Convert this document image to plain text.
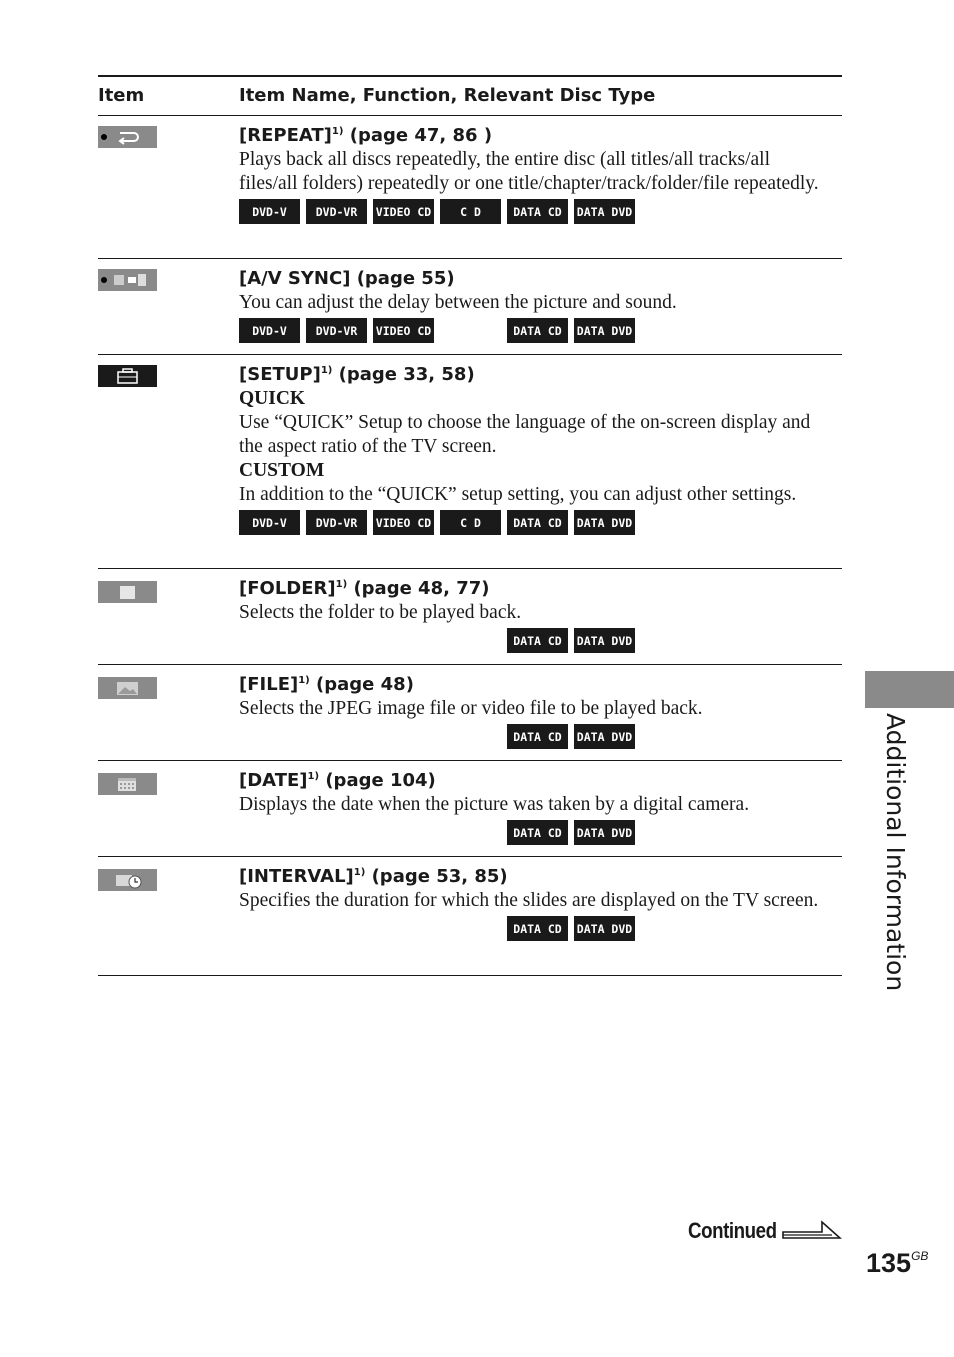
Additional Information
Item	Item Name, Function, Relevant Disc Type

[REPEAT]$^{1)}$ (page 47, 86 )

Plays back all discs repeatedly, the entire disc (all titles/all tracks/all files/all folders) repeatedly or one title/chapter/track/folder/file repeatedly.

DVD-V	DVD-VR	VIDEO CD	C D	DATA CD	DATA DVD

[A/V SYNC] (page 55)

You can adjust the delay between the picture and sound.

DVD-V	DVD-VR	VIDEO CD	DATA CD	DATA DVD

[SETUP]$^{1)}$ (page 33, 58)

QUICK

Use “QUICK” Setup to choose the language of the on-screen display and the aspect ratio of the TV screen.

CUSTOM

In addition to the “QUICK” setup setting, you can adjust other settings.

DVD-V	DVD-VR	VIDEO CD	C D	DATA CD	DATA DVD

[FOLDER]$^{1)}$ (page 48, 77)

Selects the folder to be played back.

DATA CD	DATA DVD

[FILE]$^{1)}$ (page 48)

Selects the JPEG image file or video file to be played back.

DATA CD	DATA DVD

[DATE]$^{1)}$ (page 104)

Displays the date when the picture was taken by a digital camera.

DATA CD	DATA DVD

[INTERVAL]$^{1)}$ (page 53, 85)

Specifies the duration for which the slides are displayed on the TV screen.

DATA CD	DATA DVD
Continued
$135^{GB}$
